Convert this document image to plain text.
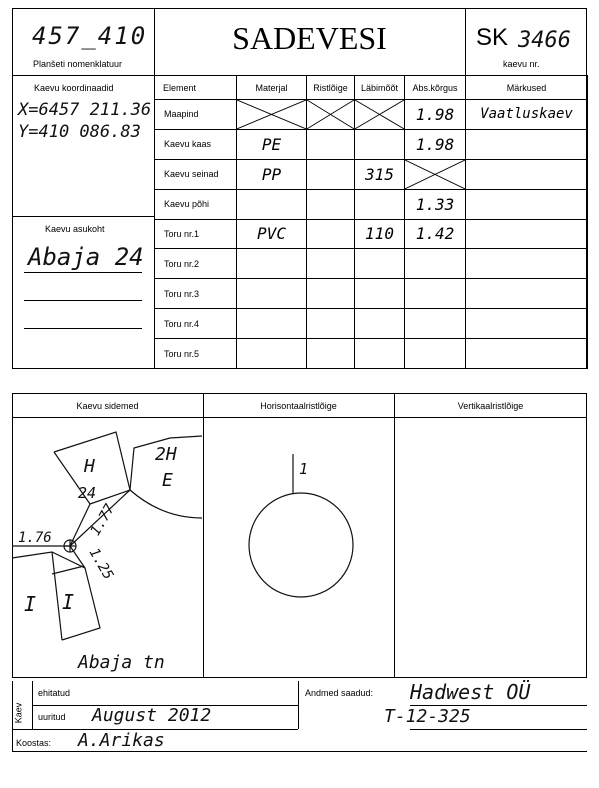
457_410
Planšeti nomenklatuur
SADEVESI	SK 3466
kaevu nr.
Kaevu koordinaadid
X=6457 211.36
Y=410 086.83
Kaevu asukoht
Abaja 24
Element	Materjal	Ristlõige	Läbimõõt	Abs.kõrgus	Märkused
Maapind				1.98	Vaatluskaev

Kaevu kaas	PE			1.98	

Kaevu seinad	PP		315

Kaevu põhi				1.33	

Toru nr.1	PVC		110	1.42	

Toru nr.2	

Toru nr.3	

Toru nr.4	

Toru nr.5	

Kaevu sidemed	Horisontaalristlõige	Vertikaalristlõige
H
24
2H
E
1.77
1.76
1.25
I I
Abaja tn
1
Kaev
ehitatud
uuritud August 2012
Andmed saadud: Hadwest OÜ
T-12-325
Koostas: A.Arikas
